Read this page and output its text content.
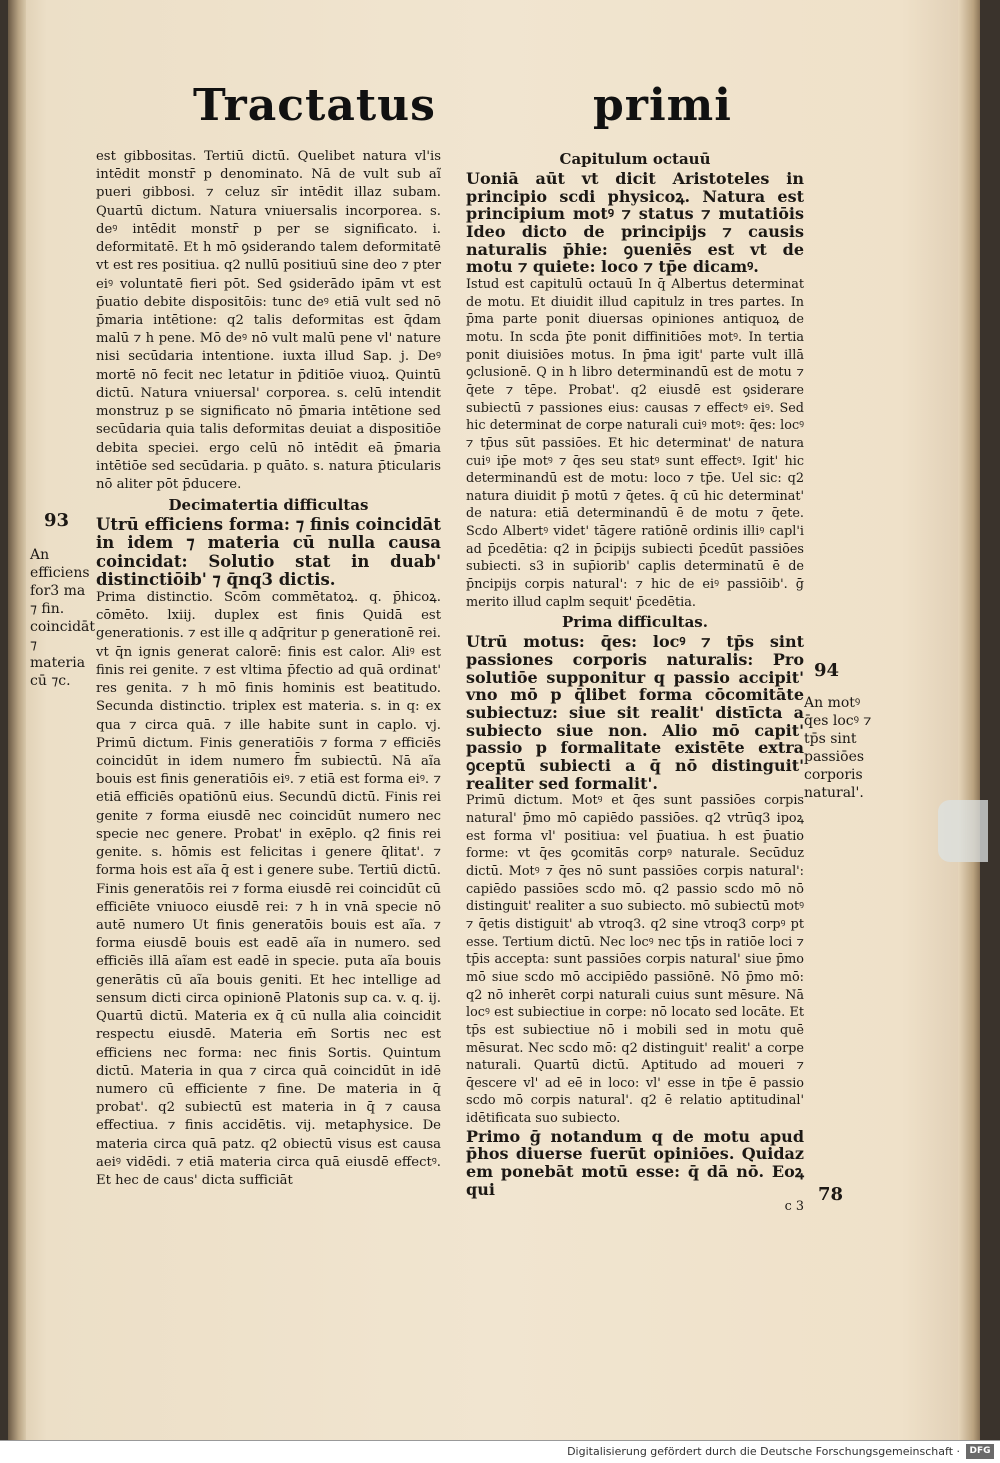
Tractatus	primi

est gibbositas. Tertiū dictū. Quelibet natura vl'is intēdit monstr̄ p denominato. Nā de vult sub aĩ pueri gibbosi. ⁊ celuz sīr intēdit illaz subam. Quartū dictum. Natura vniuersalis incorporea. s. deꝰ intēdit monstr̄ p per se significato. i. deformitatē. Et h mō ꝯsiderando talem deformitatē vt est res positiua. q2 nullū positiuū sine deo ⁊ pter eiꝰ voluntatē fieri pōt. Sed ꝯsiderādo ipām vt est p̄uatio debite dispositōis: tunc deꝰ etiā vult sed nō p̄maria intētione: q2 talis deformitas est q̄dam malū ⁊ h pene. Mō deꝰ nō vult malū pene vl' nature nisi secūdaria intentione. iuxta illud Sap. j. Deꝰ mortē nō fecit nec letatur in p̄ditiōe viuoꝝ. Quintū dictū. Natura vniuersal' corporea. s. celū intendit monstruz p se significato nō p̄maria intētione sed secūdaria quia talis deformitas deuiat a dispositiōe debita speciei. ergo celū nō intēdit eā p̄maria intētiōe sed secūdaria. p quāto. s. natura p̄ticularis nō aliter pōt p̄ducere.

Decimatertia difficultas

Utrū efficiens forma: ⁊ finis coincidāt in idem ⁊ materia cū nulla causa coincidat: Solutio stat in duab' distinctiōib' ⁊ q̄nq3 dictis.

Prima distinctio. Scōm commētatoꝝ. q. p̄hicoꝝ. cōmēto. lxiij. duplex est finis Quidā est generationis. ⁊ est ille q adq̄ritur p generationē rei. vt q̄n ignis generat calorē: finis est calor. Aliꝰ est finis rei genite. ⁊ est vltima p̄fectio ad quā ordinat' res genita. ⁊ h mō finis hominis est beatitudo. Secunda distinctio. triplex est materia. s. in q: ex qua ⁊ circa quā. ⁊ ille habite sunt in caplo. vj. Primū dictum. Finis generatiōis ⁊ forma ⁊ efficiēs coincidūt in idem numero f̄m subiectū. Nā aĩa bouis est finis generatiōis eiꝰ. ⁊ etiā est forma eiꝰ. ⁊ etiā efficiēs opatiōnū eius. Secundū dictū. Finis rei genite ⁊ forma eiusdē nec coincidūt numero nec specie nec genere. Probat' in exēplo. q2 finis rei genite. s. hōmis est felicitas i genere q̄litat'. ⁊ forma hois est aĩa q̄ est i genere sube. Tertiū dictū. Finis generatōis rei ⁊ forma eiusdē rei coincidūt cū efficiēte vniuoco eiusdē rei: ⁊ h in vnā specie nō autē numero Ut finis generatōis bouis est aĩa. ⁊ forma eiusdē bouis est eadē aĩa in numero. sed efficiēs illā aĩam est eadē in specie. puta aĩa bouis generātis cū aĩa bouis geniti. Et hec intellige ad sensum dicti circa opinionē Platonis sup ca. v. q. ij. Quartū dictū. Materia ex q̄ cū nulla alia coincidit respectu eiusdē. Materia em̄ Sortis nec est efficiens nec forma: nec finis Sortis. Quintum dictū. Materia in qua ⁊ circa quā coincidūt in idē numero cū efficiente ⁊ fine. De materia in q̄ probat'. q2 subiectū est materia in q̄ ⁊ causa effectiua. ⁊ finis accidētis. vij. metaphysice. De materia circa quā patz. q2 obiectū visus est causa aeiꝰ vidēdi. ⁊ etiā materia circa quā eiusdē effectꝰ. Et hec de caus' dicta sufficiāt

Capitulum octauū

Uoniā aūt vt dicit Aristoteles in principio scdi physicoꝝ. Natura est principium motꝰ ⁊ status ⁊ mutatiōis Ideo dicto de principijs ⁊ causis naturalis p̄hie: ꝯueniēs est vt de motu ⁊ quiete: loco ⁊ tp̄e dicamꝰ.

Istud est capitulū octauū In q̄ Albertus determinat de motu. Et diuidit illud capitulz in tres partes. In p̄ma parte ponit diuersas opiniones antiquoꝝ de motu. In scda p̄te ponit diffinitiōes motꝰ. In tertia ponit diuisiōes motus. In p̄ma igit' parte vult illā ꝯclusionē. Q in h libro determinandū est de motu ⁊ q̄ete ⁊ tēpe. Probat'. q2 eiusdē est ꝯsiderare subiectū ⁊ passiones eius: causas ⁊ effectꝰ eiꝰ. Sed hic determinat de corpe naturali cuiꝰ motꝰ: q̄es: locꝰ ⁊ tp̄us sūt passiōes. Et hic determinat' de natura cuiꝰ ip̄e motꝰ ⁊ q̄es seu statꝰ sunt effectꝰ. Igit' hic determinandū est de motu: loco ⁊ tp̄e. Uel sic: q2 natura diuidit p̄ motū ⁊ q̄etes. q̄ cū hic determinat' de natura: etiā determinandū ē de motu ⁊ q̄ete. Scdo Albertꝰ videt' tāgere ratiōnē ordinis illiꝰ capl'i ad p̄cedētia: q2 in p̄cipijs subiecti p̄cedūt passiōes subiecti. s3 in sup̄iorib' caplis determinatū ē de p̄ncipijs corpis natural': ⁊ hic de eiꝰ passiōib'. ḡ merito illud caplm sequit' p̄cedētia.

Prima difficultas.

Utrū motus: q̄es: locꝰ ⁊ tp̄s sint passiones corporis naturalis: Pro solutiōe supponitur q passio accipit' vno mō p q̄libet forma cōcomitāte subiectuz: siue sit realit' distīcta a subiecto siue non. Alio mō capit' passio p formalitate existēte extra ꝯceptū subiecti a q̄ nō distinguit' realiter sed formalit'.

Primū dictum. Motꝰ et q̄es sunt passiōes corpis natural' p̄mo mō capiēdo passiōes. q2 vtrūq3 ipoꝝ est forma vl' positiua: vel p̄uatiua. h est p̄uatio forme: vt q̄es ꝯcomitās corpꝰ naturale. Secūduz dictū. Motꝰ ⁊ q̄es nō sunt passiōes corpis natural': capiēdo passiōes scdo mō. q2 passio scdo mō nō distinguit' realiter a suo subiecto. mō subiectū motꝰ ⁊ q̄etis distiguit' ab vtroq3. q2 sine vtroq3 corpꝰ pt esse. Tertium dictū. Nec locꝰ nec tp̄s in ratiōe loci ⁊ tp̄is accepta: sunt passiōes corpis natural' siue p̄mo mō siue scdo mō accipiēdo passiōnē. Nō p̄mo mō: q2 nō inherēt corpi naturali cuius sunt mēsure. Nā locꝰ est subiectiue in corpe: nō locato sed locāte. Et tp̄s est subiectiue nō i mobili sed in motu quē mēsurat. Nec scdo mō: q2 distinguit' realit' a corpe naturali. Quartū dictū. Aptitudo ad moueri ⁊ q̄escere vl' ad eē in loco: vl' esse in tp̄e ē passio scdo mō corpis natural'. q2 ē relatio aptitudinal' idētificata suo subiecto.

Primo ḡ notandum q de motu apud p̄hos diuerse fuerūt opiniōes. Quidaz em ponebāt motū esse: q̄ dā nō. Eoꝝ qui

c 3

93
An efficiens for3 ma ⁊ fin. coincidāt ⁊ materia cū ⁊c.	94
An motꝰ q̄es locꝰ ⁊ tp̄s sint passiōes corporis natural'.
78
Digitalisierung gefördert durch die Deutsche Forschungsgemeinschaft ·	DFG
